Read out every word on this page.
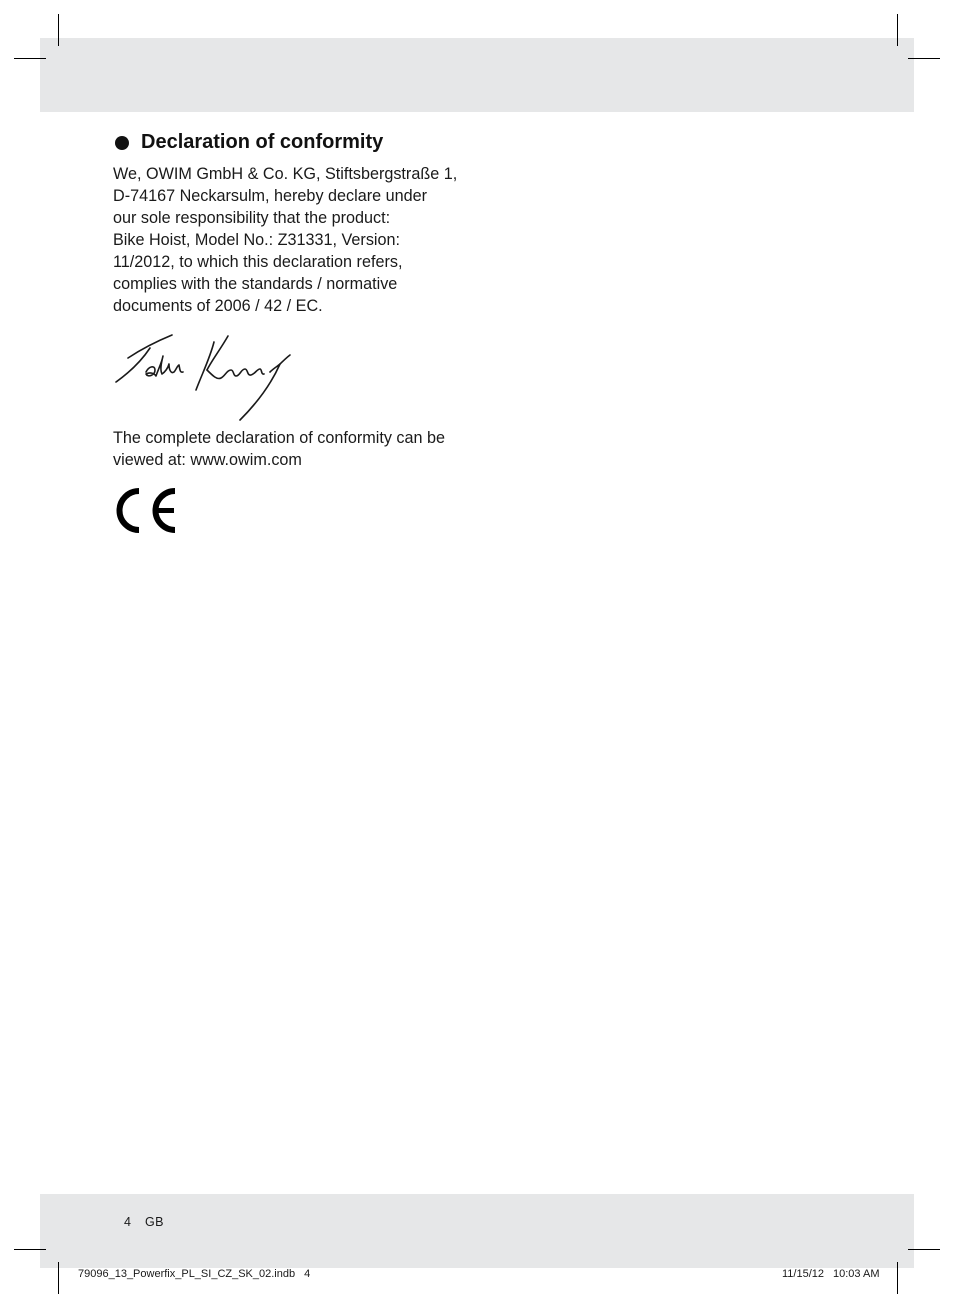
Declaration of conformity
We, OWIM GmbH & Co. KG, Stiftsbergstraße 1,
D-74167 Neckarsulm, hereby declare under
our sole responsibility that the product:
Bike Hoist, Model No.: Z31331, Version:
11/2012, to which this declaration refers,
complies with the standards / normative
documents of 2006 / 42 / EC.
The complete declaration of conformity can be
viewed at: www.owim.com
4 GB
79096_13_Powerfix_PL_SI_CZ_SK_02.indb 4	11/15/12 10:03 AM
